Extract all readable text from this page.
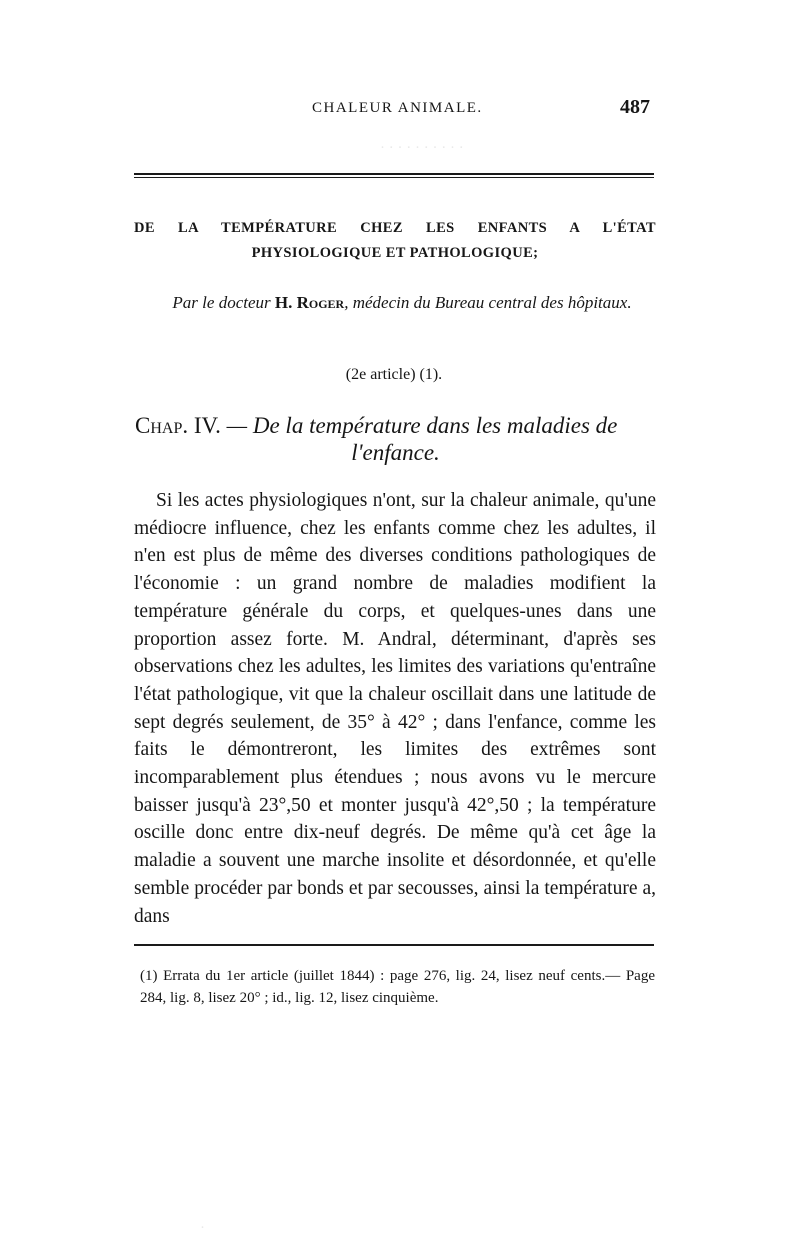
· · · · · · · · · ·
·
CHALEUR ANIMALE.	487
DE LA TEMPÉRATURE CHEZ LES ENFANTS A L'ÉTAT PHYSIOLOGIQUE ET PATHOLOGIQUE;
Par le docteur H. Roger, médecin du Bureau central des hôpitaux.
(2e article) (1).
Chap. IV. — De la température dans les maladies de
l'enfance.

Si les actes physiologiques n'ont, sur la chaleur animale, qu'une médiocre influence, chez les enfants comme chez les adultes, il n'en est plus de même des diverses conditions pathologiques de l'économie : un grand nombre de maladies modifient la température générale du corps, et quelques-unes dans une proportion assez forte. M. Andral, déterminant, d'après ses observations chez les adultes, les limites des variations qu'entraîne l'état pathologique, vit que la chaleur oscillait dans une latitude de sept degrés seulement, de 35° à 42° ; dans l'enfance, comme les faits le démontreront, les limites des extrêmes sont incomparablement plus étendues ; nous avons vu le mercure baisser jusqu'à 23°,50 et monter jusqu'à 42°,50 ; la température oscille donc entre dix-neuf degrés. De même qu'à cet âge la maladie a souvent une marche insolite et désordonnée, et qu'elle semble procéder par bonds et par secousses, ainsi la température a, dans

(1) Errata du 1er article (juillet 1844) : page 276, lig. 24, lisez neuf cents.— Page 284, lig. 8, lisez 20° ; id., lig. 12, lisez cinquième.
